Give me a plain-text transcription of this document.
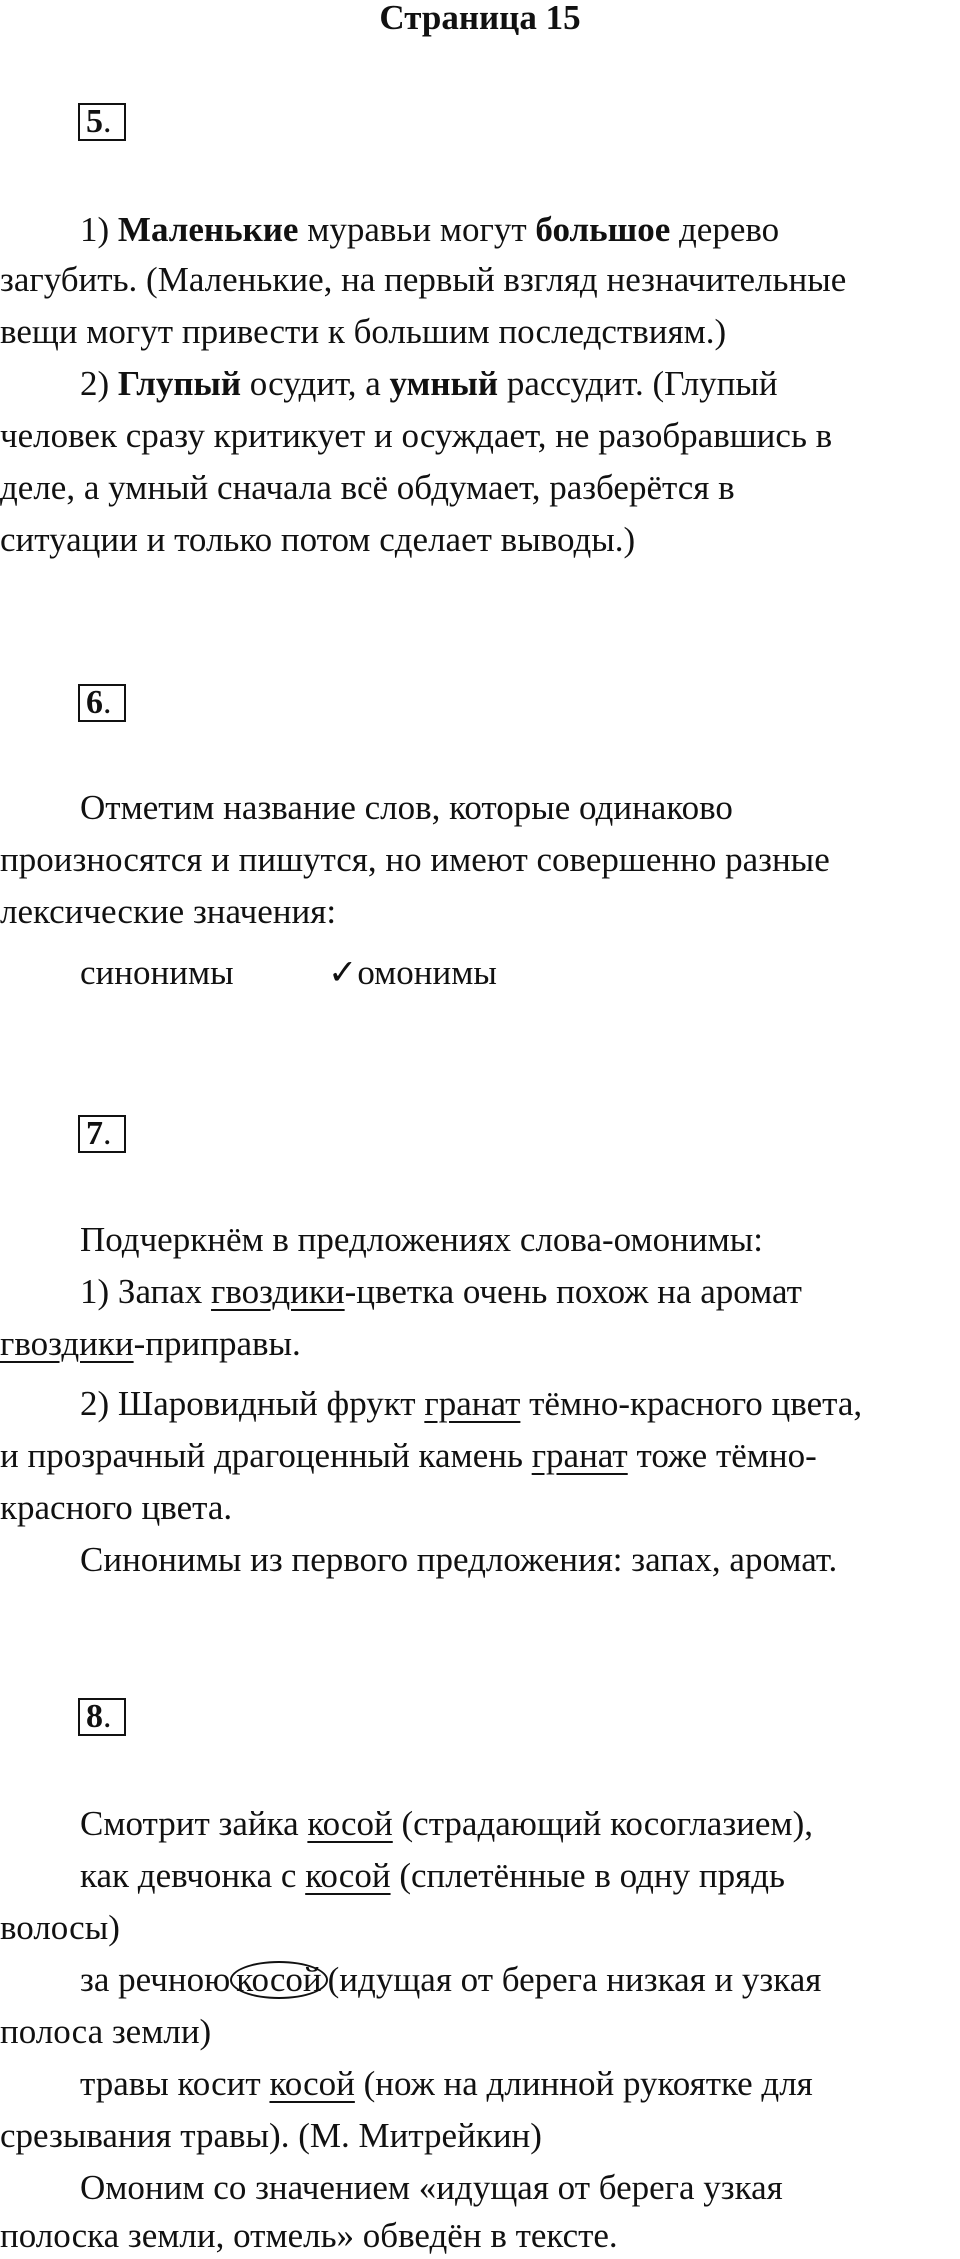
Страница 15
5.
1) Маленькие муравьи могут большое дерево
загубить. (Маленькие, на первый взгляд незначительные
вещи могут привести к большим последствиям.)
2) Глупый осудит, а умный рассудит. (Глупый
человек сразу критикует и осуждает, не разобравшись в
деле, а умный сначала всё обдумает, разберётся в
ситуации и только потом сделает выводы.)
6.
Отметим название слов, которые одинаково
произносятся и пишутся, но имеют совершенно разные
лексические значения:
синонимы	✓омонимы
7.
Подчеркнём в предложениях слова-омонимы:
1) Запах гвоздики-цветка очень похож на аромат
гвоздики-приправы.
2) Шаровидный фрукт гранат тёмно-красного цвета,
и прозрачный драгоценный камень гранат тоже тёмно-
красного цвета.
Синонимы из первого предложения: запах, аромат.
8.
Смотрит зайка косой (страдающий косоглазием),
как девчонка с косой (сплетённые в одну прядь
волосы)
за речною косой (идущая от берега низкая и узкая
полоса земли)
травы косит косой (нож на длинной рукоятке для
срезывания травы). (М. Митрейкин)
Омоним со значением «идущая от берега узкая
полоска земли, отмель» обведён в тексте.
